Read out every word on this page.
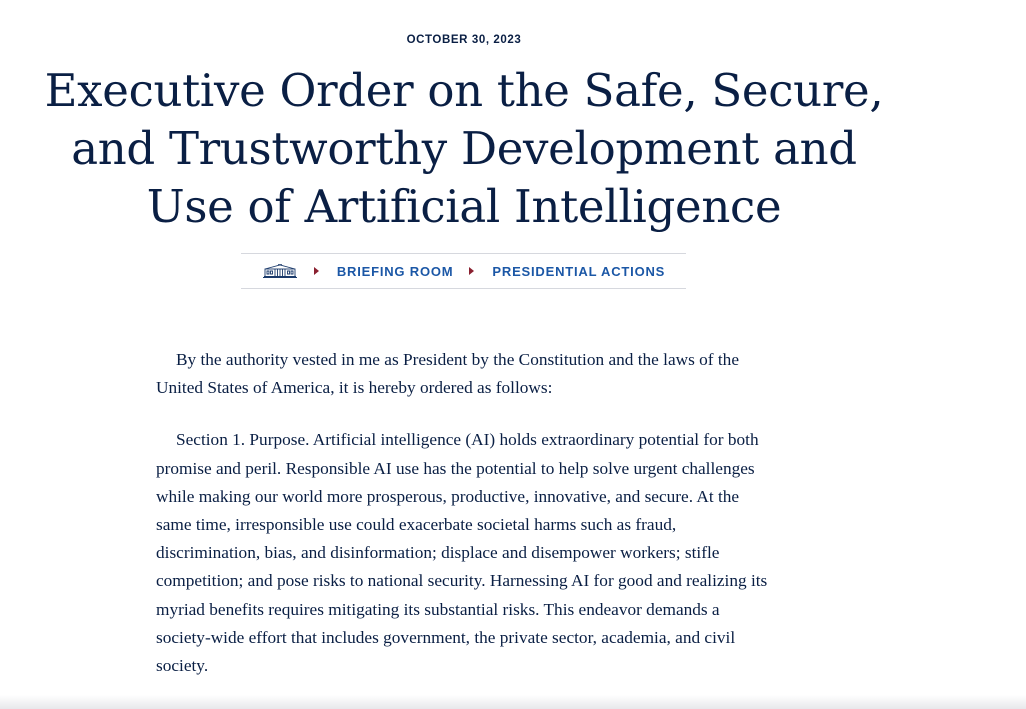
OCTOBER 30, 2023
Executive Order on the Safe, Secure, and Trustworthy Development and Use of Artificial Intelligence
BRIEFING ROOM	PRESIDENTIAL ACTIONS

By the authority vested in me as President by the Constitution and the laws of the United States of America, it is hereby ordered as follows:

Section 1. Purpose. Artificial intelligence (AI) holds extraordinary potential for both promise and peril. Responsible AI use has the potential to help solve urgent challenges while making our world more prosperous, productive, innovative, and secure. At the same time, irresponsible use could exacerbate societal harms such as fraud, discrimination, bias, and disinformation; displace and disempower workers; stifle competition; and pose risks to national security. Harnessing AI for good and realizing its myriad benefits requires mitigating its substantial risks. This endeavor demands a society-wide effort that includes government, the private sector, academia, and civil society.
